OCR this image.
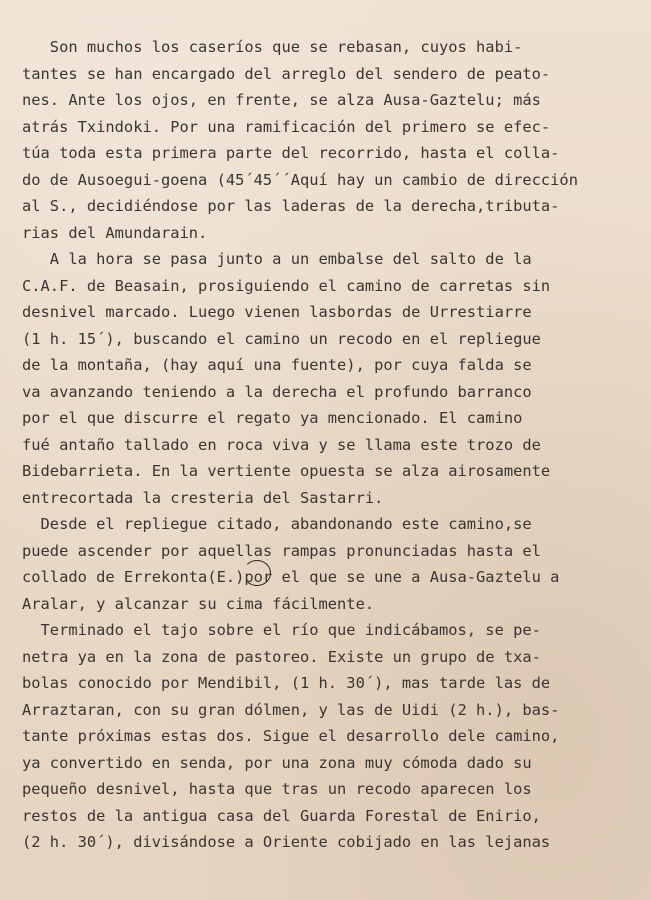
Son muchos los caseríos que se rebasan, cuyos habi-

tantes se han encargado del arreglo del sendero de peato-

nes. Ante los ojos, en frente, se alza Ausa-Gaztelu; más

atrás Txindoki. Por una ramificación del primero se efec-

túa toda esta primera parte del recorrido, hasta el colla-

do de Ausoegui-goena (45´45´´Aquí hay un cambio de dirección

al S., decidiéndose por las laderas de la derecha,tributa-

rias del Amundarain.

A la hora se pasa junto a un embalse del salto de la

C.A.F. de Beasain, prosiguiendo el camino de carretas sin

desnivel marcado. Luego vienen lasbordas de Urrestiarre

(1 h. 15´), buscando el camino un recodo en el repliegue

de la montaña, (hay aquí una fuente), por cuya falda se

va avanzando teniendo a la derecha el profundo barranco

por el que discurre el regato ya mencionado. El camino

fué antaño tallado en roca viva y se llama este trozo de

Bidebarrieta. En la vertiente opuesta se alza airosamente

entrecortada la cresteria del Sastarri.

Desde el repliegue citado, abandonando este camino,se

puede ascender por aquellas rampas pronunciadas hasta el

collado de Errekonta(E.)por el que se une a Ausa-Gaztelu a

Aralar, y alcanzar su cima fácilmente.

Terminado el tajo sobre el río que indicábamos, se pe-

netra ya en la zona de pastoreo. Existe un grupo de txa-

bolas conocido por Mendibil, (1 h. 30´), mas tarde las de

Arraztaran, con su gran dólmen, y las de Uidi (2 h.), bas-

tante próximas estas dos. Sigue el desarrollo dele camino,

ya convertido en senda, por una zona muy cómoda dado su

pequeño desnivel, hasta que tras un recodo aparecen los

restos de la antigua casa del Guarda Forestal de Enirio,

(2 h. 30´), divisándose a Oriente cobijado en las lejanas
